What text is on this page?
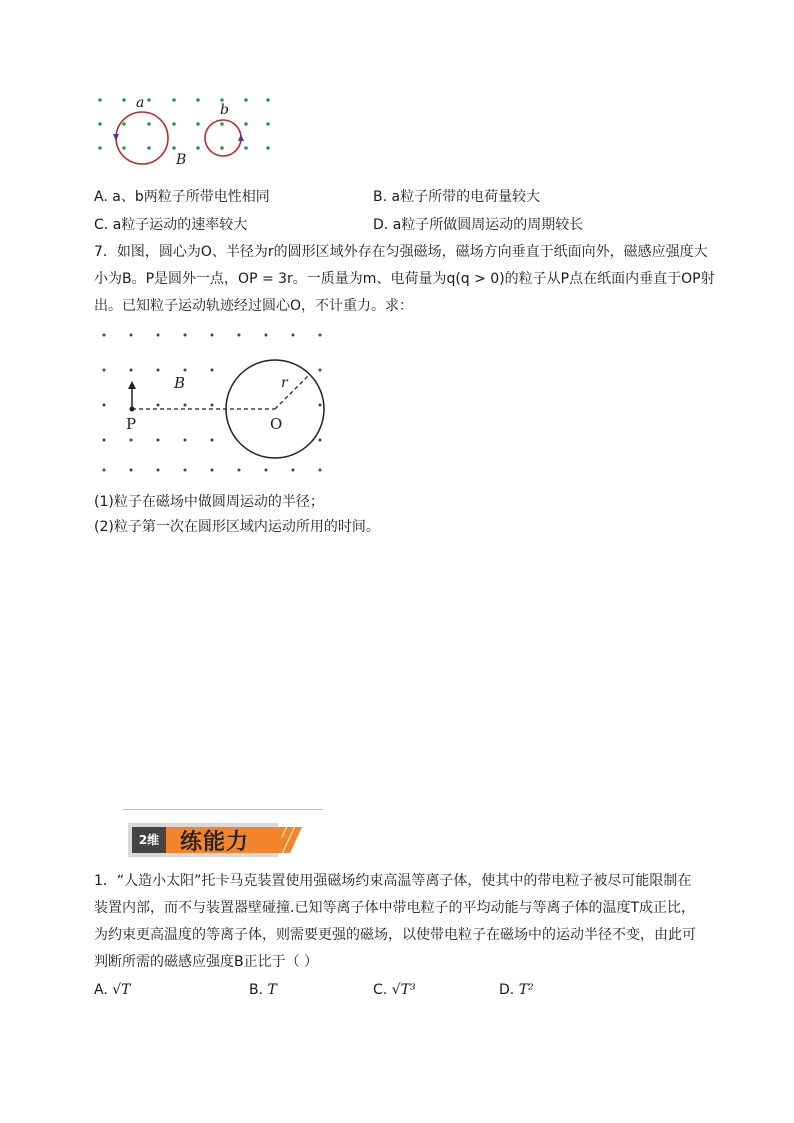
a	b
B
A. a、b两粒子所带电性相同	B. a粒子所带的电荷量较大
C. a粒子运动的速率较大	D. a粒子所做圆周运动的周期较长
7．如图，圆心为O、半径为r的圆形区域外存在匀强磁场，磁场方向垂直于纸面向外，磁感应强度大
小为B。P是圆外一点，OP = 3r。一质量为m、电荷量为q(q > 0)的粒子从P点在纸面内垂直于OP射
出。已知粒子运动轨迹经过圆心O，不计重力。求：
B	r
P	O
(1)粒子在磁场中做圆周运动的半径；
(2)粒子第一次在圆形区域内运动所用的时间。
2维 练能力
1．“人造小太阳”托卡马克装置使用强磁场约束高温等离子体，使其中的带电粒子被尽可能限制在
装置内部，而不与装置器壁碰撞.已知等离子体中带电粒子的平均动能与等离子体的温度T成正比，
为约束更高温度的等离子体，则需要更强的磁场，以使带电粒子在磁场中的运动半径不变，由此可
判断所需的磁感应强度B正比于（ ）
A. √T	B. T	C. √T³	D. T²
